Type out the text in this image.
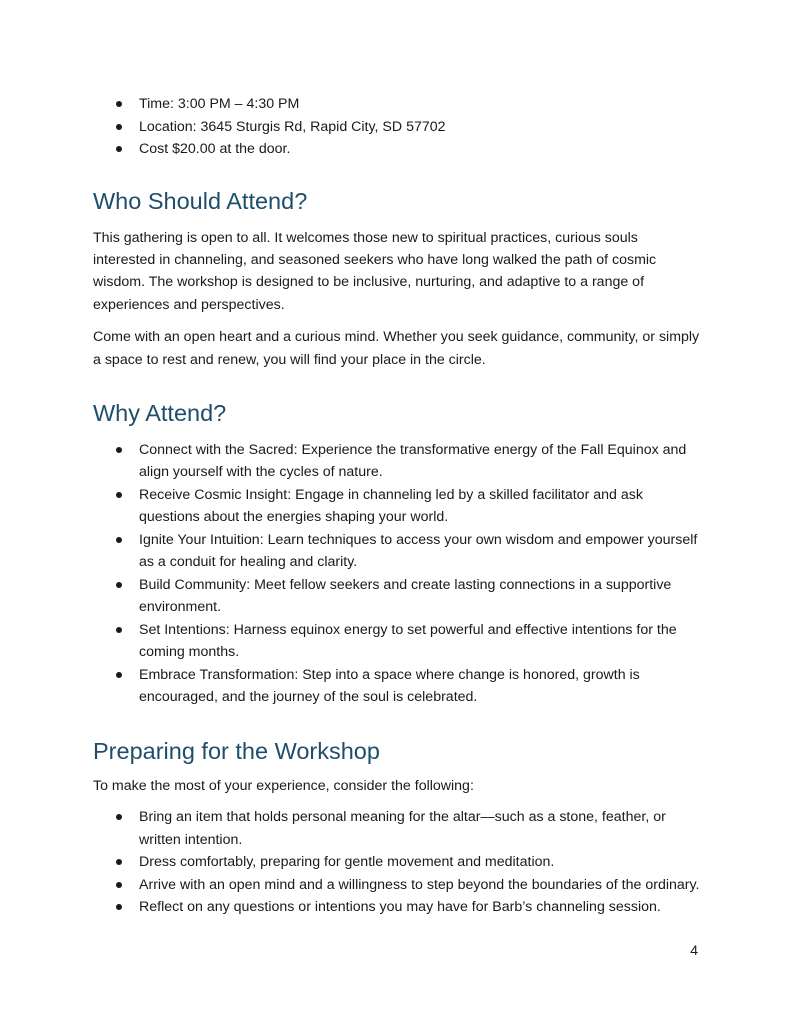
Time: 3:00 PM – 4:30 PM
Location: 3645 Sturgis Rd, Rapid City, SD 57702
Cost $20.00 at the door.
Who Should Attend?

This gathering is open to all. It welcomes those new to spiritual practices, curious souls interested in channeling, and seasoned seekers who have long walked the path of cosmic wisdom. The workshop is designed to be inclusive, nurturing, and adaptive to a range of experiences and perspectives.

Come with an open heart and a curious mind. Whether you seek guidance, community, or simply a space to rest and renew, you will find your place in the circle.

Why Attend?
Connect with the Sacred: Experience the transformative energy of the Fall Equinox and align yourself with the cycles of nature.
Receive Cosmic Insight: Engage in channeling led by a skilled facilitator and ask questions about the energies shaping your world.
Ignite Your Intuition: Learn techniques to access your own wisdom and empower yourself as a conduit for healing and clarity.
Build Community: Meet fellow seekers and create lasting connections in a supportive environment.
Set Intentions: Harness equinox energy to set powerful and effective intentions for the coming months.
Embrace Transformation: Step into a space where change is honored, growth is encouraged, and the journey of the soul is celebrated.
Preparing for the Workshop

To make the most of your experience, consider the following:

Bring an item that holds personal meaning for the altar—such as a stone, feather, or written intention.
Dress comfortably, preparing for gentle movement and meditation.
Arrive with an open mind and a willingness to step beyond the boundaries of the ordinary.
Reflect on any questions or intentions you may have for Barb’s channeling session.
4
